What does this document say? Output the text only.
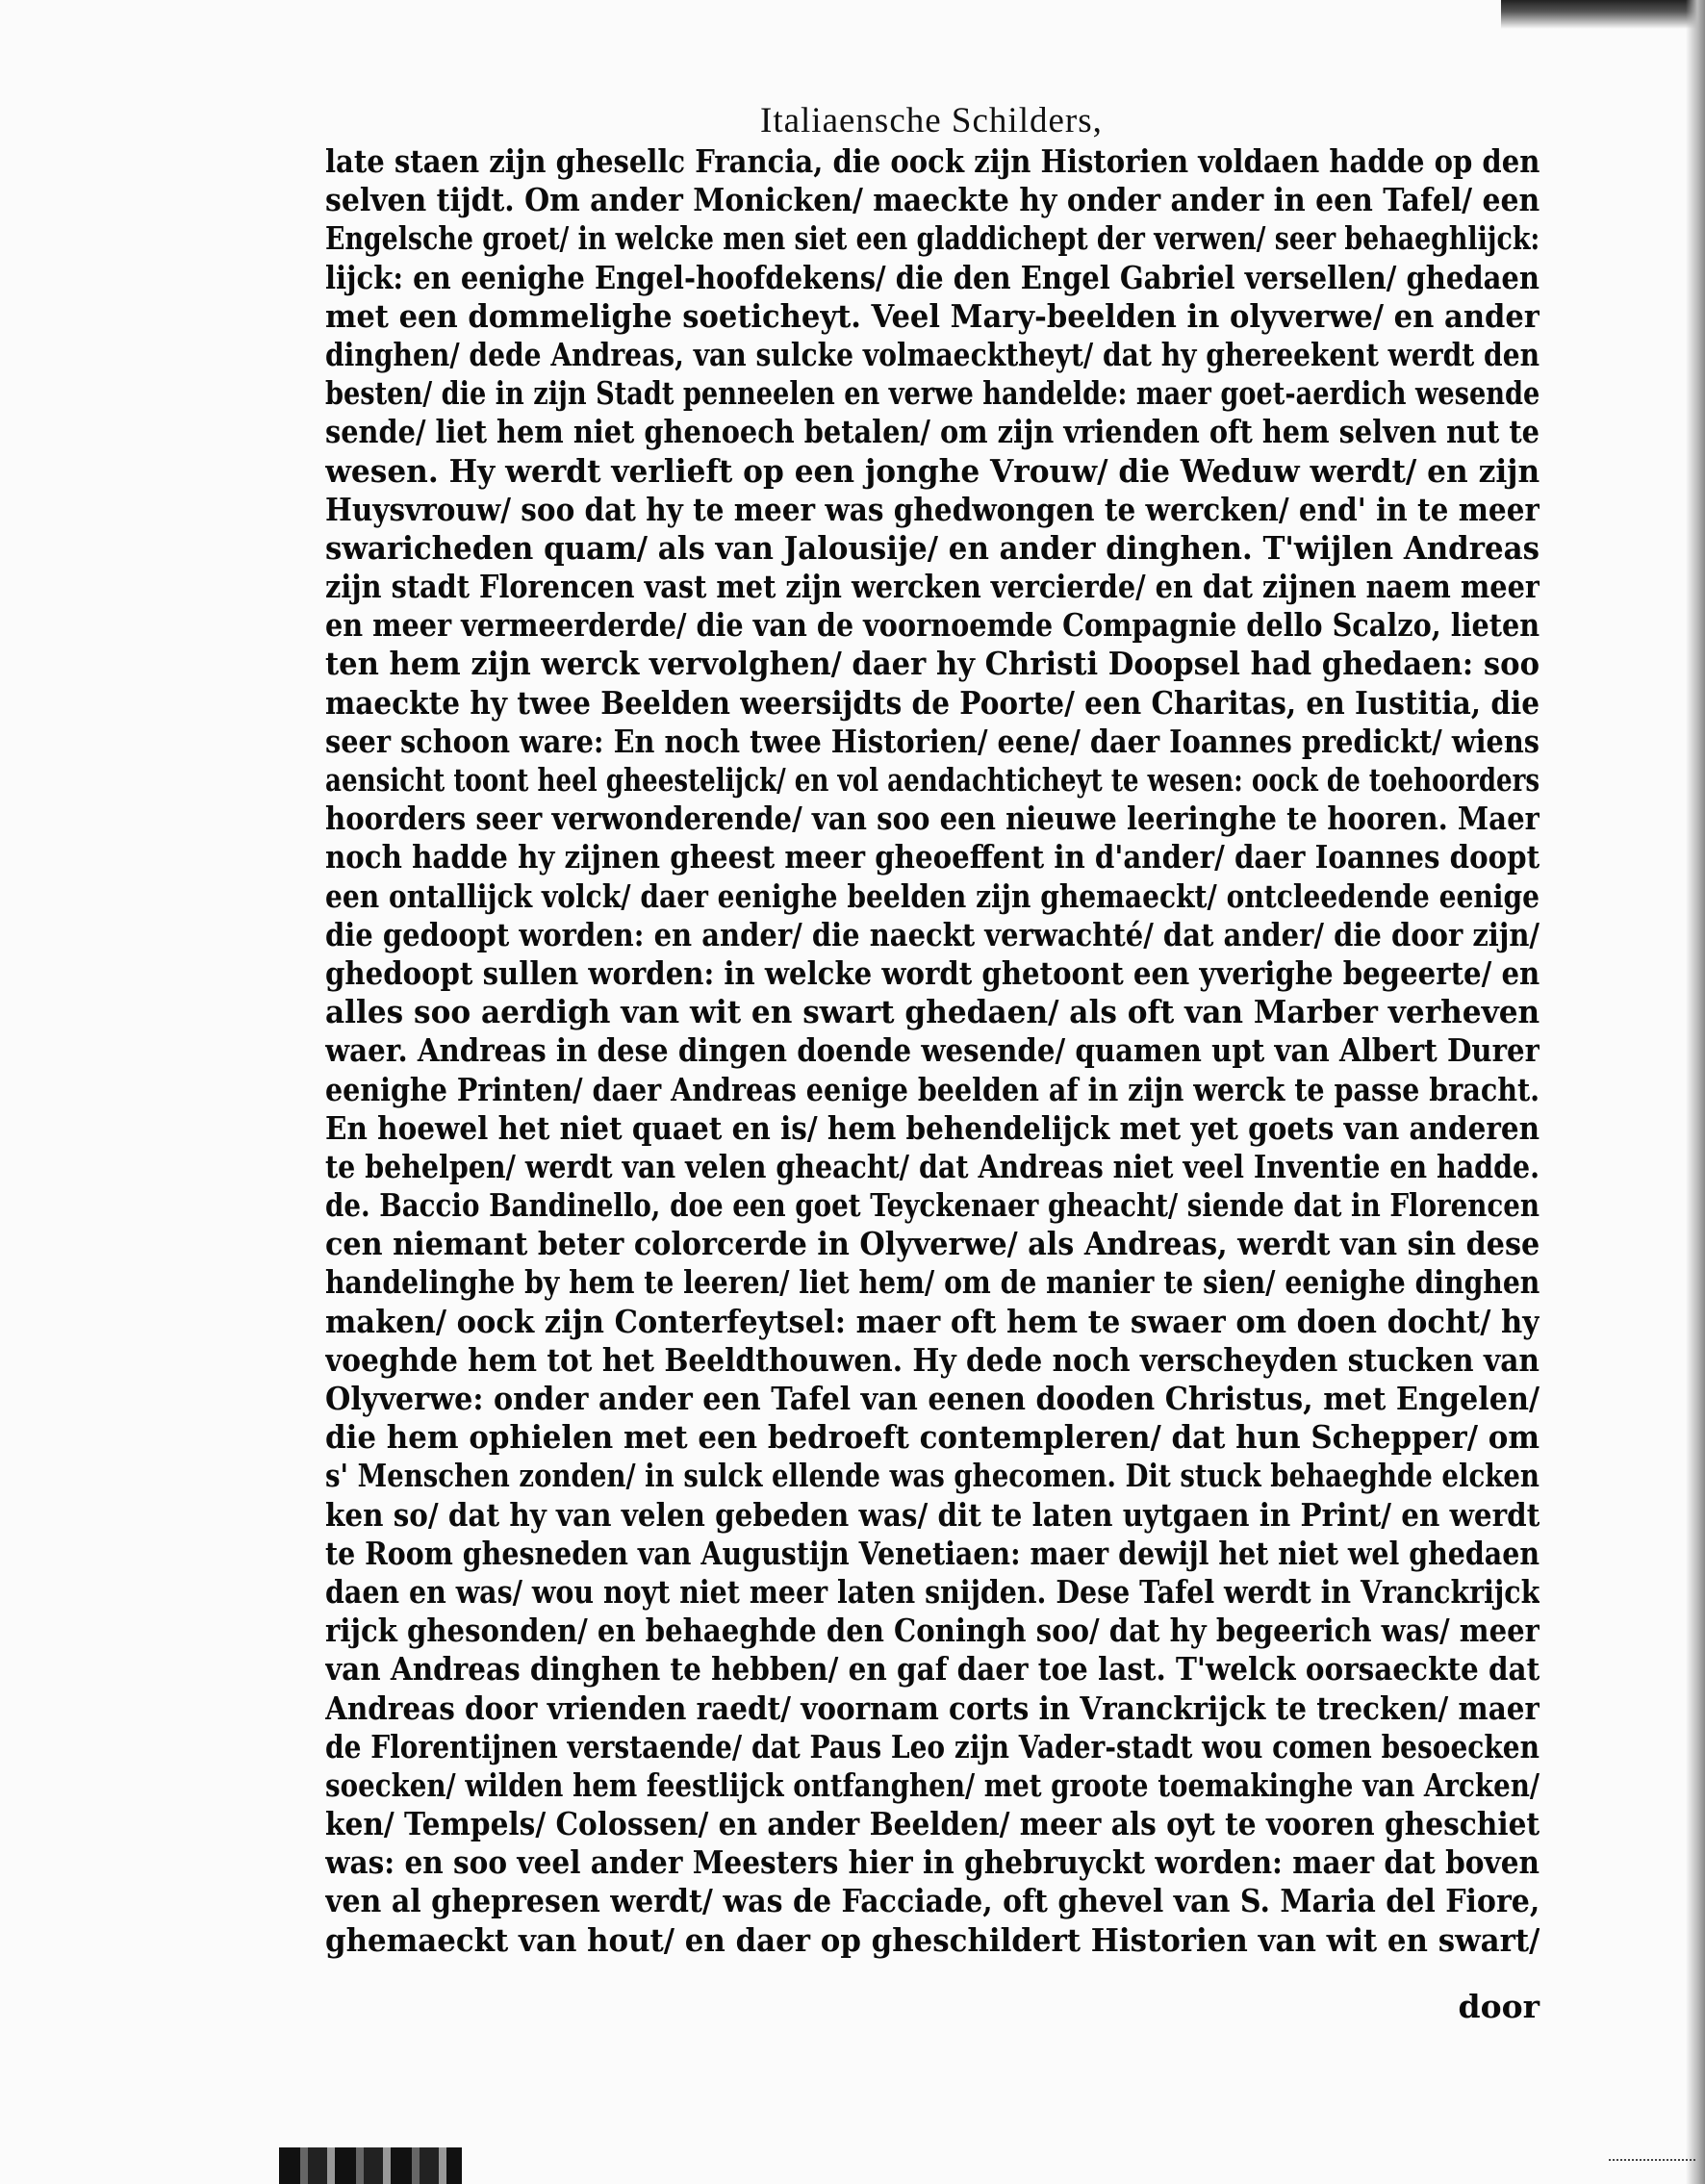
Italiaensche Schilders,
late staen zijn ghesellc Francia, die oock zijn Historien voldaen hadde op den
selven tijdt. Om ander Monicken/ maeckte hy onder ander in een Tafel/ een
Engelsche groet/ in welcke men siet een gladdichept der verwen/ seer behaeghlijck:
lijck: en eenighe Engel-hoofdekens/ die den Engel Gabriel versellen/ ghedaen
met een dommelighe soeticheyt. Veel Mary-beelden in olyverwe/ en ander
dinghen/ dede Andreas, van sulcke volmaecktheyt/ dat hy ghereekent werdt den
besten/ die in zijn Stadt penneelen en verwe handelde: maer goet-aerdich wesende
sende/ liet hem niet ghenoech betalen/ om zijn vrienden oft hem selven nut te
wesen. Hy werdt verlieft op een jonghe Vrouw/ die Weduw werdt/ en zijn
Huysvrouw/ soo dat hy te meer was ghedwongen te wercken/ end' in te meer
swaricheden quam/ als van Jalousije/ en ander dinghen. T'wijlen Andreas
zijn stadt Florencen vast met zijn wercken vercierde/ en dat zijnen naem meer
en meer vermeerderde/ die van de voornoemde Compagnie dello Scalzo, lieten
ten hem zijn werck vervolghen/ daer hy Christi Doopsel had ghedaen: soo
maeckte hy twee Beelden weersijdts de Poorte/ een Charitas, en Iustitia, die
seer schoon ware: En noch twee Historien/ eene/ daer Ioannes predickt/ wiens
aensicht toont heel gheestelijck/ en vol aendachticheyt te wesen: oock de toehoorders
hoorders seer verwonderende/ van soo een nieuwe leeringhe te hooren. Maer
noch hadde hy zijnen gheest meer gheoeffent in d'ander/ daer Ioannes doopt
een ontallijck volck/ daer eenighe beelden zijn ghemaeckt/ ontcleedende eenige
die gedoopt worden: en ander/ die naeckt verwachté/ dat ander/ die door zijn/
ghedoopt sullen worden: in welcke wordt ghetoont een yverighe begeerte/ en
alles soo aerdigh van wit en swart ghedaen/ als oft van Marber verheven
waer. Andreas in dese dingen doende wesende/ quamen upt van Albert Durer
eenighe Printen/ daer Andreas eenige beelden af in zijn werck te passe bracht.
En hoewel het niet quaet en is/ hem behendelijck met yet goets van anderen
te behelpen/ werdt van velen gheacht/ dat Andreas niet veel Inventie en hadde.
de. Baccio Bandinello, doe een goet Teyckenaer gheacht/ siende dat in Florencen
cen niemant beter colorcerde in Olyverwe/ als Andreas, werdt van sin dese
handelinghe by hem te leeren/ liet hem/ om de manier te sien/ eenighe dinghen
maken/ oock zijn Conterfeytsel: maer oft hem te swaer om doen docht/ hy
voeghde hem tot het Beeldthouwen. Hy dede noch verscheyden stucken van
Olyverwe: onder ander een Tafel van eenen dooden Christus, met Engelen/
die hem ophielen met een bedroeft contempleren/ dat hun Schepper/ om
s' Menschen zonden/ in sulck ellende was ghecomen. Dit stuck behaeghde elcken
ken so/ dat hy van velen gebeden was/ dit te laten uytgaen in Print/ en werdt
te Room ghesneden van Augustijn Venetiaen: maer dewijl het niet wel ghedaen
daen en was/ wou noyt niet meer laten snijden. Dese Tafel werdt in Vranckrijck
rijck ghesonden/ en behaeghde den Coningh soo/ dat hy begeerich was/ meer
van Andreas dinghen te hebben/ en gaf daer toe last. T'welck oorsaeckte dat
Andreas door vrienden raedt/ voornam corts in Vranckrijck te trecken/ maer
de Florentijnen verstaende/ dat Paus Leo zijn Vader-stadt wou comen besoecken
soecken/ wilden hem feestlijck ontfanghen/ met groote toemakinghe van Arcken/
ken/ Tempels/ Colossen/ en ander Beelden/ meer als oyt te vooren gheschiet
was: en soo veel ander Meesters hier in ghebruyckt worden: maer dat boven
ven al ghepresen werdt/ was de Facciade, oft ghevel van S. Maria del Fiore,
ghemaeckt van hout/ en daer op gheschildert Historien van wit en swart/
door
